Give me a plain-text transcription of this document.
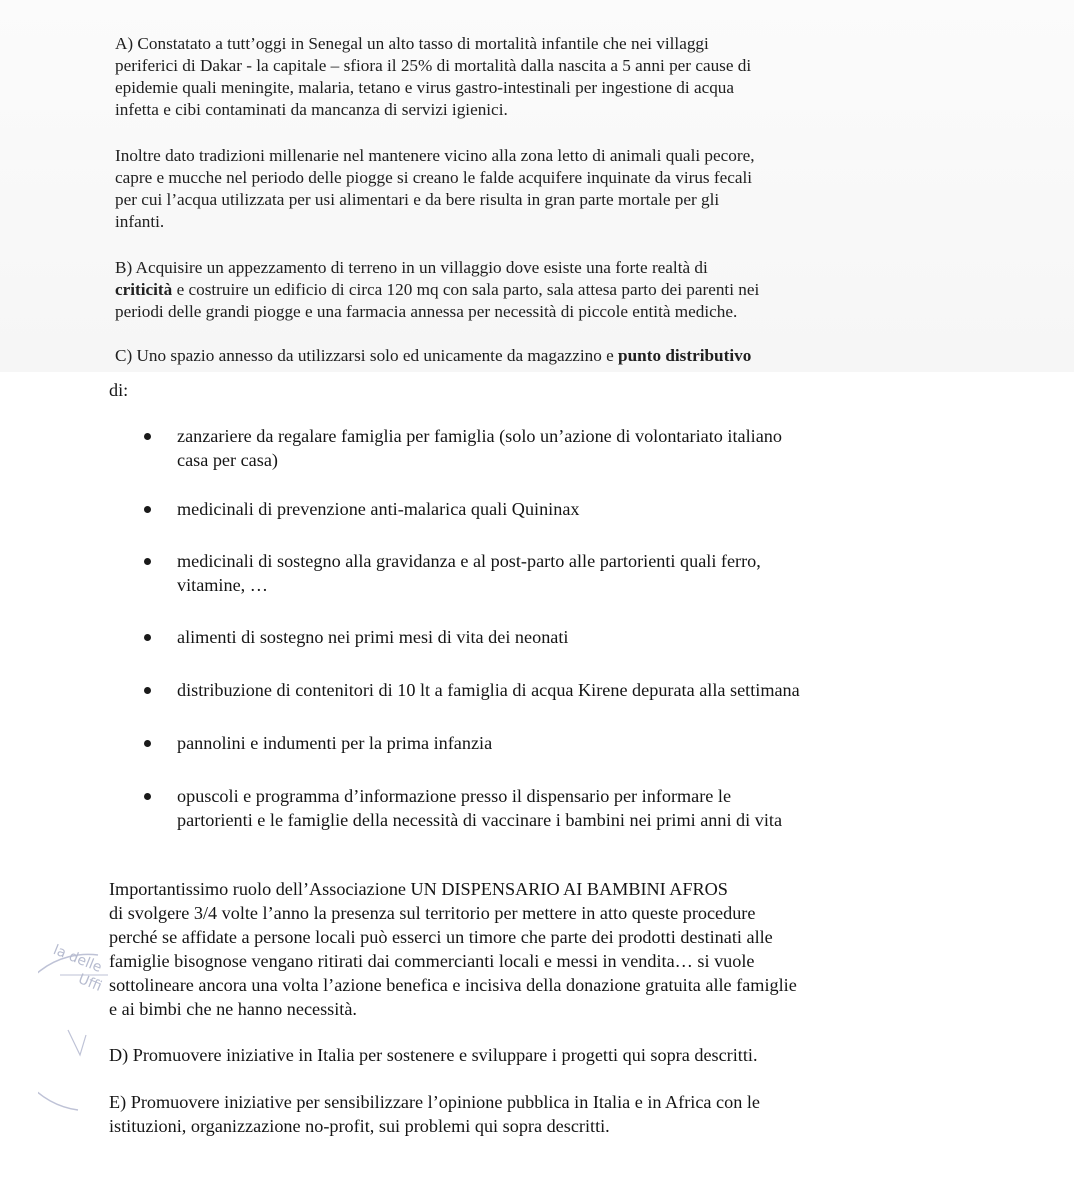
A) Constatato a tutt’oggi in Senegal un alto tasso di mortalità infantile che nei villaggi

periferici di Dakar - la capitale – sfiora il 25% di mortalità dalla nascita a 5 anni per cause di

epidemie quali meningite, malaria, tetano e virus gastro-intestinali per ingestione di acqua

infetta e cibi contaminati da mancanza di servizi igienici.

Inoltre dato tradizioni millenarie nel mantenere vicino alla zona letto di animali quali pecore,

capre e mucche nel periodo delle piogge si creano le falde acquifere inquinate da virus fecali

per cui l’acqua utilizzata per usi alimentari e da bere risulta in gran parte mortale per gli

infanti.

B) Acquisire un appezzamento di terreno in un villaggio dove esiste una forte realtà di

criticità e costruire un edificio di circa 120 mq con sala parto, sala attesa parto dei parenti nei

periodi delle grandi piogge e una farmacia annessa per necessità di piccole entità mediche.

C) Uno spazio annesso da utilizzarsi solo ed unicamente da magazzino e punto distributivo

di:

zanzariere da regalare famiglia per famiglia (solo un’azione di volontariato italiano
casa per casa)
medicinali di prevenzione anti-malarica quali Quininax
medicinali di sostegno alla gravidanza e al post-parto alle partorienti quali ferro,
vitamine, …
alimenti di sostegno nei primi mesi di vita dei neonati
distribuzione di contenitori di 10 lt a famiglia di acqua Kirene depurata alla settimana
pannolini e indumenti per la prima infanzia
opuscoli e programma d’informazione presso il dispensario per informare le
partorienti e le famiglie della necessità di vaccinare i bambini nei primi anni di vita

Importantissimo ruolo dell’Associazione UN DISPENSARIO AI BAMBINI AFROS

di svolgere 3/4 volte l’anno la presenza sul territorio per mettere in atto queste procedure

perché se affidate a persone locali può esserci un timore che parte dei prodotti destinati alle

famiglie bisognose vengano ritirati dai commercianti locali e messi in vendita… si vuole

sottolineare ancora una volta l’azione benefica e incisiva della donazione gratuita alle famiglie

e ai bimbi che ne hanno necessità.

D) Promuovere iniziative in Italia per sostenere e sviluppare i progetti qui sopra descritti.

E) Promuovere iniziative per sensibilizzare l’opinione pubblica in Italia e in Africa con le

istituzioni, organizzazione no-profit, sui problemi qui sopra descritti.

la delle
Uffi
